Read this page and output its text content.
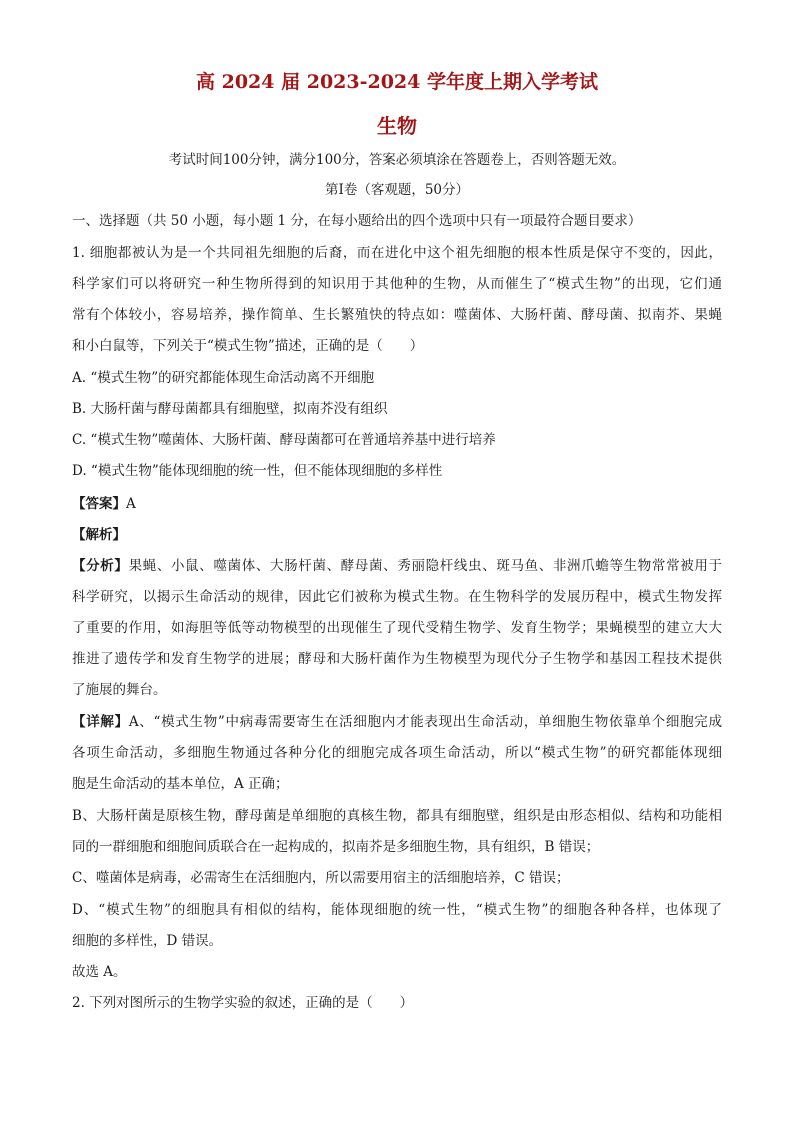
高 2024 届 2023-2024 学年度上期入学考试
生物
考试时间100分钟，满分100分，答案必须填涂在答题卷上，否则答题无效。
第Ⅰ卷（客观题，50分）
一、选择题（共 50 小题，每小题 1 分，在每小题给出的四个选项中只有一项最符合题目要求）
1. 细胞都被认为是一个共同祖先细胞的后裔，而在进化中这个祖先细胞的根本性质是保守不变的，因此，
科学家们可以将研究一种生物所得到的知识用于其他种的生物，从而催生了“模式生物”的出现，它们通
常有个体较小，容易培养，操作简单、生长繁殖快的特点如：噬菌体、大肠杆菌、酵母菌、拟南芥、果蝇
和小白鼠等，下列关于“模式生物”描述，正确的是（　　）
A. “模式生物”的研究都能体现生命活动离不开细胞
B. 大肠杆菌与酵母菌都具有细胞壁，拟南芥没有组织
C. “模式生物”噬菌体、大肠杆菌、酵母菌都可在普通培养基中进行培养
D. “模式生物”能体现细胞的统一性，但不能体现细胞的多样性
【答案】A
【解析】
【分析】果蝇、小鼠、噬菌体、大肠杆菌、酵母菌、秀丽隐杆线虫、斑马鱼、非洲爪蟾等生物常常被用于
科学研究，以揭示生命活动的规律，因此它们被称为模式生物。在生物科学的发展历程中，模式生物发挥
了重要的作用，如海胆等低等动物模型的出现催生了现代受精生物学、发育生物学；果蝇模型的建立大大
推进了遗传学和发育生物学的进展；酵母和大肠杆菌作为生物模型为现代分子生物学和基因工程技术提供
了施展的舞台。
【详解】A、“模式生物”中病毒需要寄生在活细胞内才能表现出生命活动，单细胞生物依靠单个细胞完成
各项生命活动，多细胞生物通过各种分化的细胞完成各项生命活动，所以“模式生物”的研究都能体现细
胞是生命活动的基本单位，A 正确；
B、大肠杆菌是原核生物，酵母菌是单细胞的真核生物，都具有细胞壁，组织是由形态相似、结构和功能相
同的一群细胞和细胞间质联合在一起构成的，拟南芥是多细胞生物，具有组织，B 错误；
C、噬菌体是病毒，必需寄生在活细胞内，所以需要用宿主的活细胞培养，C 错误；
D、“模式生物”的细胞具有相似的结构，能体现细胞的统一性，“模式生物”的细胞各种各样，也体现了
细胞的多样性，D 错误。
故选 A。
2. 下列对图所示的生物学实验的叙述，正确的是（　　）
